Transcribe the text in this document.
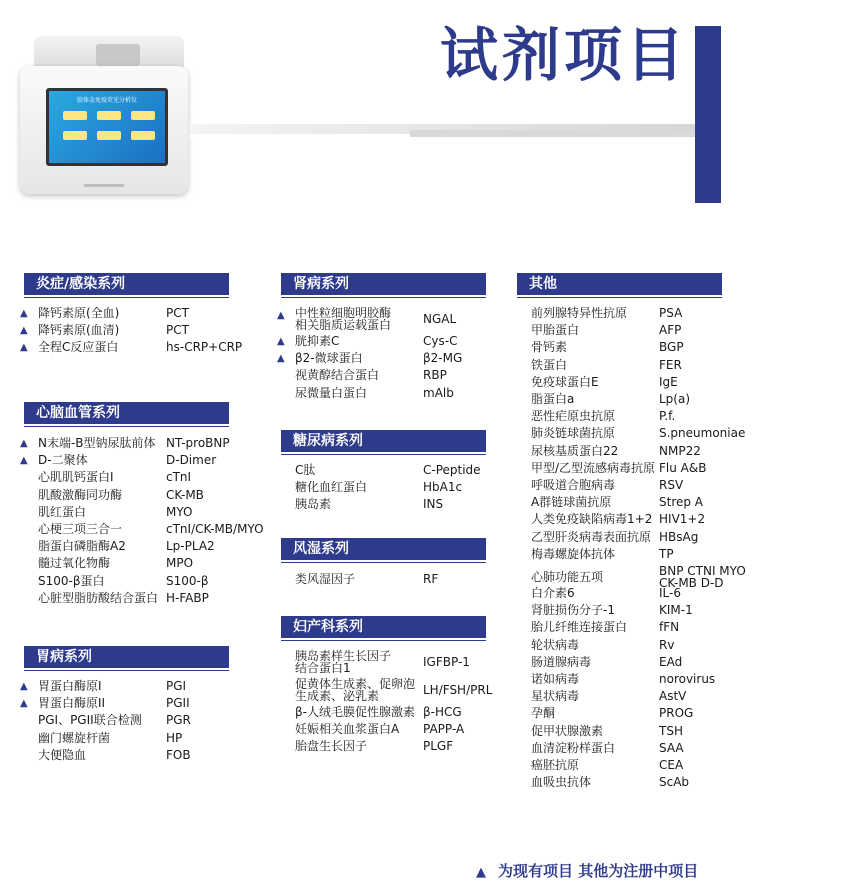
胶体金免疫荧光分析仪
试剂项目
炎症/感染系列
▲ 降钙素原(全血)	PCT
▲ 降钙素原(血清)	PCT
▲ 全程C反应蛋白	hs-CRP+CRP
心脑血管系列
▲ N末端-B型钠尿肽前体 NT-proBNP
▲ D-二聚体	D-Dimer
心肌肌钙蛋白I	cTnI
肌酸激酶同功酶	CK-MB
肌红蛋白	MYO
心梗三项三合一	cTnI/CK-MB/MYO
脂蛋白磷脂酶A2	Lp-PLA2
髓过氧化物酶	MPO
S100-β蛋白	S100-β
心脏型脂肪酸结合蛋白 H-FABP
胃病系列
▲ 胃蛋白酶原I	PGI
▲ 胃蛋白酶原II	PGII
PGI、PGII联合检测 PGR
幽门螺旋杆菌	HP
大便隐血	FOB
肾病系列
▲ 中性粒细胞明胶酶
相关脂质运载蛋白	NGAL
▲ 胱抑素C	Cys-C
▲ β2-微球蛋白	β2-MG
视黄醇结合蛋白	RBP
尿微量白蛋白	mAlb
糖尿病系列
C肽	C-Peptide
糖化血红蛋白	HbA1c
胰岛素	INS
风湿系列
类风湿因子	RF
妇产科系列
胰岛素样生长因子
结合蛋白1	IGFBP-1
促黄体生成素、促卵泡
生成素、泌乳素	LH/FSH/PRL
β-人绒毛膜促性腺激素 β-HCG
妊娠相关血浆蛋白A PAPP-A
胎盘生长因子	PLGF
其他
前列腺特异性抗原	PSA
甲胎蛋白	AFP
骨钙素	BGP
铁蛋白	FER
免疫球蛋白E	IgE
脂蛋白a	Lp(a)
恶性疟原虫抗原	P.f.
肺炎链球菌抗原	S.pneumoniae
尿核基质蛋白22	NMP22
甲型/乙型流感病毒抗原 Flu A&B
呼吸道合胞病毒	RSV
A群链球菌抗原	Strep A
人类免疫缺陷病毒1+2 HIV1+2
乙型肝炎病毒表面抗原 HBsAg
梅毒螺旋体抗体	TP
心肺功能五项	BNP CTNI MYO
CK-MB D-D
白介素6	IL-6
肾脏损伤分子-1	KIM-1
胎儿纤维连接蛋白	fFN
轮状病毒	Rv
肠道腺病毒	EAd
诺如病毒	norovirus
星状病毒	AstV
孕酮	PROG
促甲状腺激素	TSH
血清淀粉样蛋白	SAA
癌胚抗原	CEA
血吸虫抗体	ScAb
▲ 为现有项目 其他为注册中项目
